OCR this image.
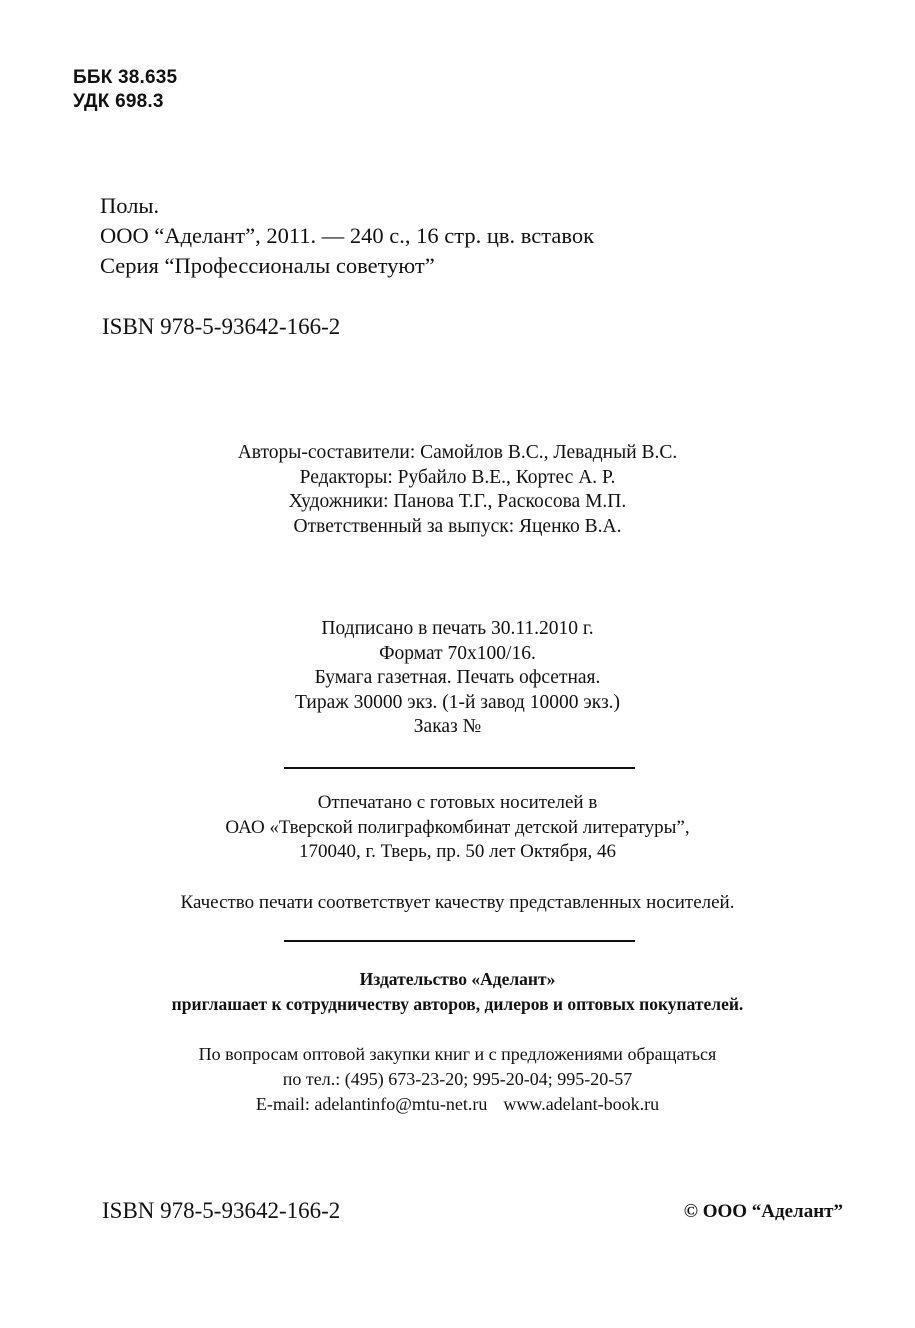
ББК 38.635
УДК 698.3
Полы.
ООО “Аделант”, 2011. — 240 с., 16 стр. цв. вставок
Серия “Профессионалы советуют”
ISBN 978-5-93642-166-2
Авторы-составители: Самойлов В.С., Левадный В.С.
Редакторы: Рубайло В.Е., Кортес А. Р.
Художники: Панова Т.Г., Раскосова М.П.
Ответственный за выпуск: Яценко В.А.
Подписано в печать 30.11.2010 г.
Формат 70x100/16.
Бумага газетная. Печать офсетная.
Тираж 30000 экз. (1-й завод 10000 экз.)
Заказ №
Отпечатано с готовых носителей в
ОАО «Тверской полиграфкомбинат детской литературы”,
170040, г. Тверь, пр. 50 лет Октября, 46
Качество печати соответствует качеству представленных носителей.
Издательство «Аделант»
приглашает к сотрудничеству авторов, дилеров и оптовых покупателей.
По вопросам оптовой закупки книг и с предложениями обращаться
по тел.: (495) 673-23-20; 995-20-04; 995-20-57
E-mail: adelantinfo@mtu-net.ru www.adelant-book.ru
ISBN 978-5-93642-166-2	© ООО “Аделант”
